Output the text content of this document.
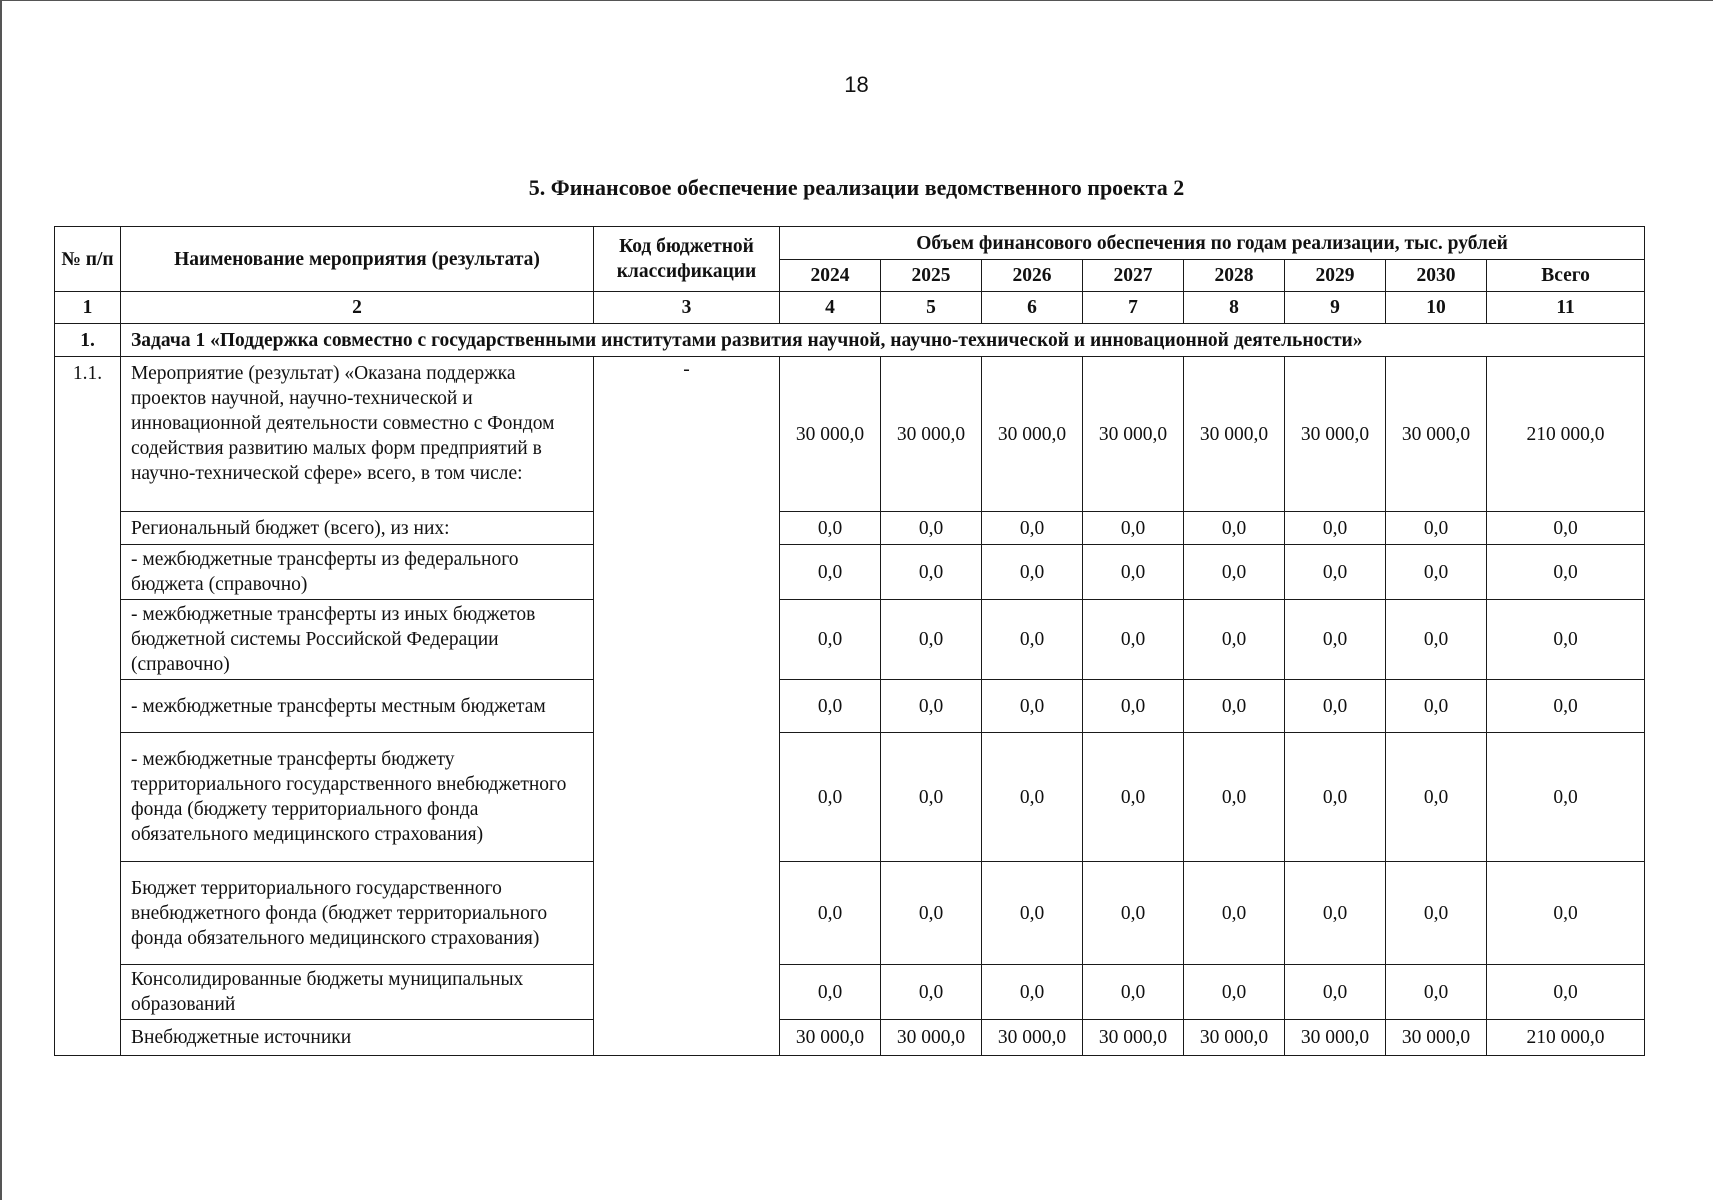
18
5. Финансовое обеспечение реализации ведомственного проекта 2
№ п/п	Наименование мероприятия (результата)	Код бюджетной классификации	Объем финансового обеспечения по годам реализации, тыс. рублей							
			2024	2025	2026	2027	2028	2029	2030	Всего
1	2	3	4	5	6	7	8	9	10	11
1.	Задача 1 «Поддержка совместно с государственными институтами развития научной, научно-технической и инновационной деятельности»									
1.1.	Мероприятие (результат) «Оказана поддержка проектов научной, научно-технической и инновационной деятельности совместно с Фондом содействия развитию малых форм предприятий в научно-технической сфере» всего, в том числе:	-	30 000,0	30 000,0	30 000,0	30 000,0	30 000,0	30 000,0	30 000,0	210 000,0
	Региональный бюджет (всего), из них:		0,0	0,0	0,0	0,0	0,0	0,0	0,0	0,0
	- межбюджетные трансферты из федерального бюджета (справочно)		0,0	0,0	0,0	0,0	0,0	0,0	0,0	0,0
	- межбюджетные трансферты из иных бюджетов бюджетной системы Российской Федерации (справочно)		0,0	0,0	0,0	0,0	0,0	0,0	0,0	0,0
	- межбюджетные трансферты местным бюджетам		0,0	0,0	0,0	0,0	0,0	0,0	0,0	0,0
	- межбюджетные трансферты бюджету территориального государственного внебюджетного фонда (бюджету территориального фонда обязательного медицинского страхования)		0,0	0,0	0,0	0,0	0,0	0,0	0,0	0,0
	Бюджет территориального государственного внебюджетного фонда (бюджет территориального фонда обязательного медицинского страхования)		0,0	0,0	0,0	0,0	0,0	0,0	0,0	0,0
	Консолидированные бюджеты муниципальных образований		0,0	0,0	0,0	0,0	0,0	0,0	0,0	0,0
	Внебюджетные источники		30 000,0	30 000,0	30 000,0	30 000,0	30 000,0	30 000,0	30 000,0	210 000,0
